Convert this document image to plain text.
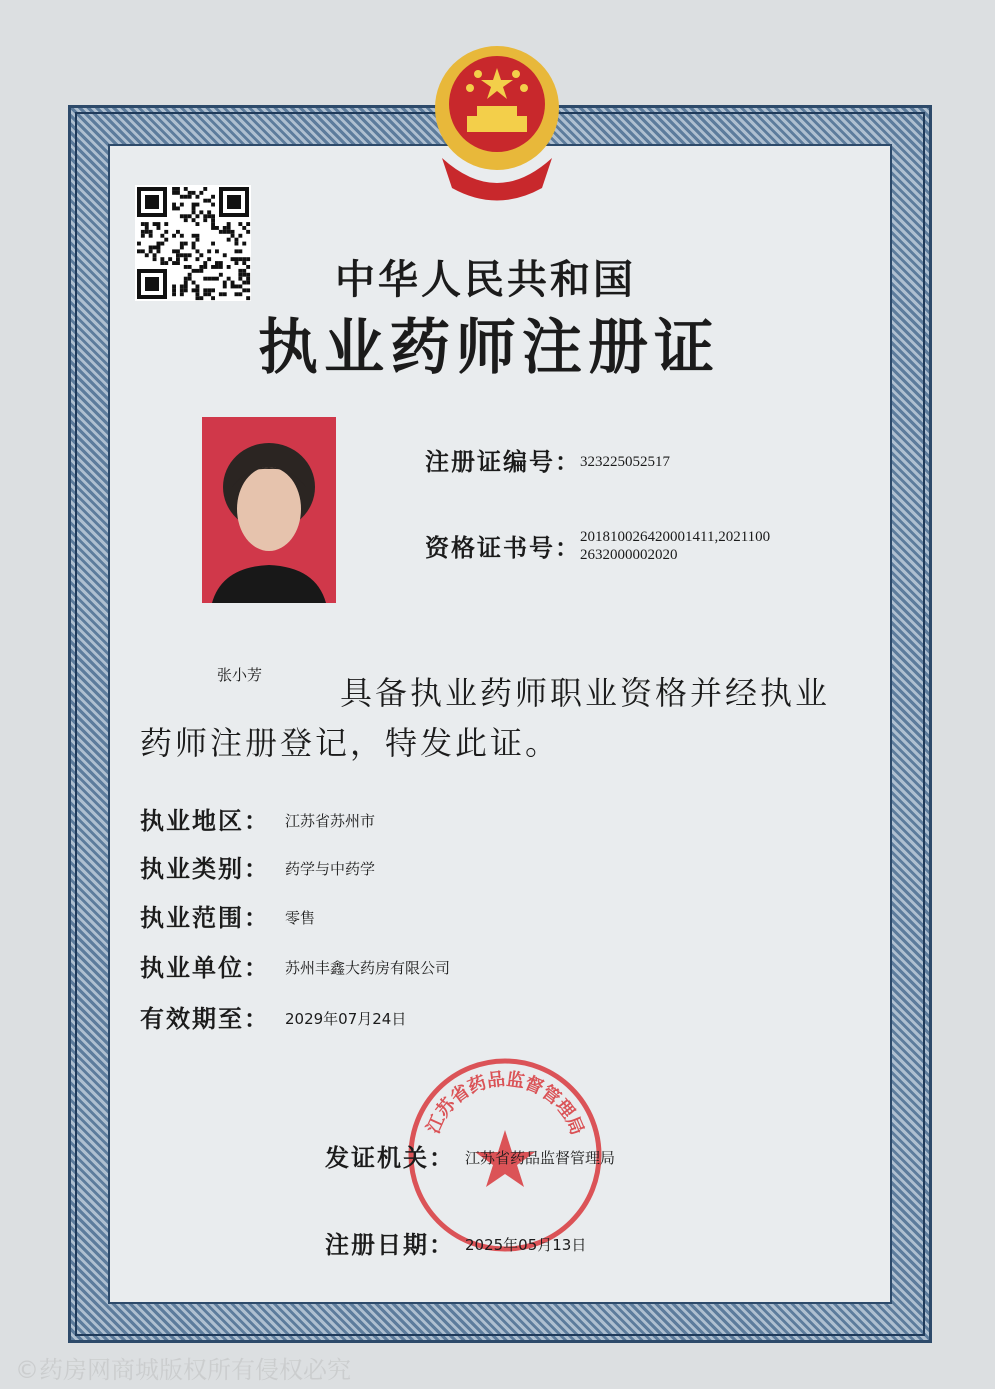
中华人民共和国
执业药师注册证
注册证编号： 323225052517
资格证书号： 20181002642000141​1,2021100
2632000002020
张小芳 具备执业药师职业资格并经执业
药师注册登记，特发此证。
执业地区： 江苏省苏州市
执业类别： 药学与中药学
执业范围： 零售
执业单位： 苏州丰鑫大药房有限公司
有效期至： 2029年07月24日
江苏省药品监督管理局
发证机关： 江苏省药品监督管理局
注册日期： 2025年05月13日
©药房网商城版权所有侵权必究
